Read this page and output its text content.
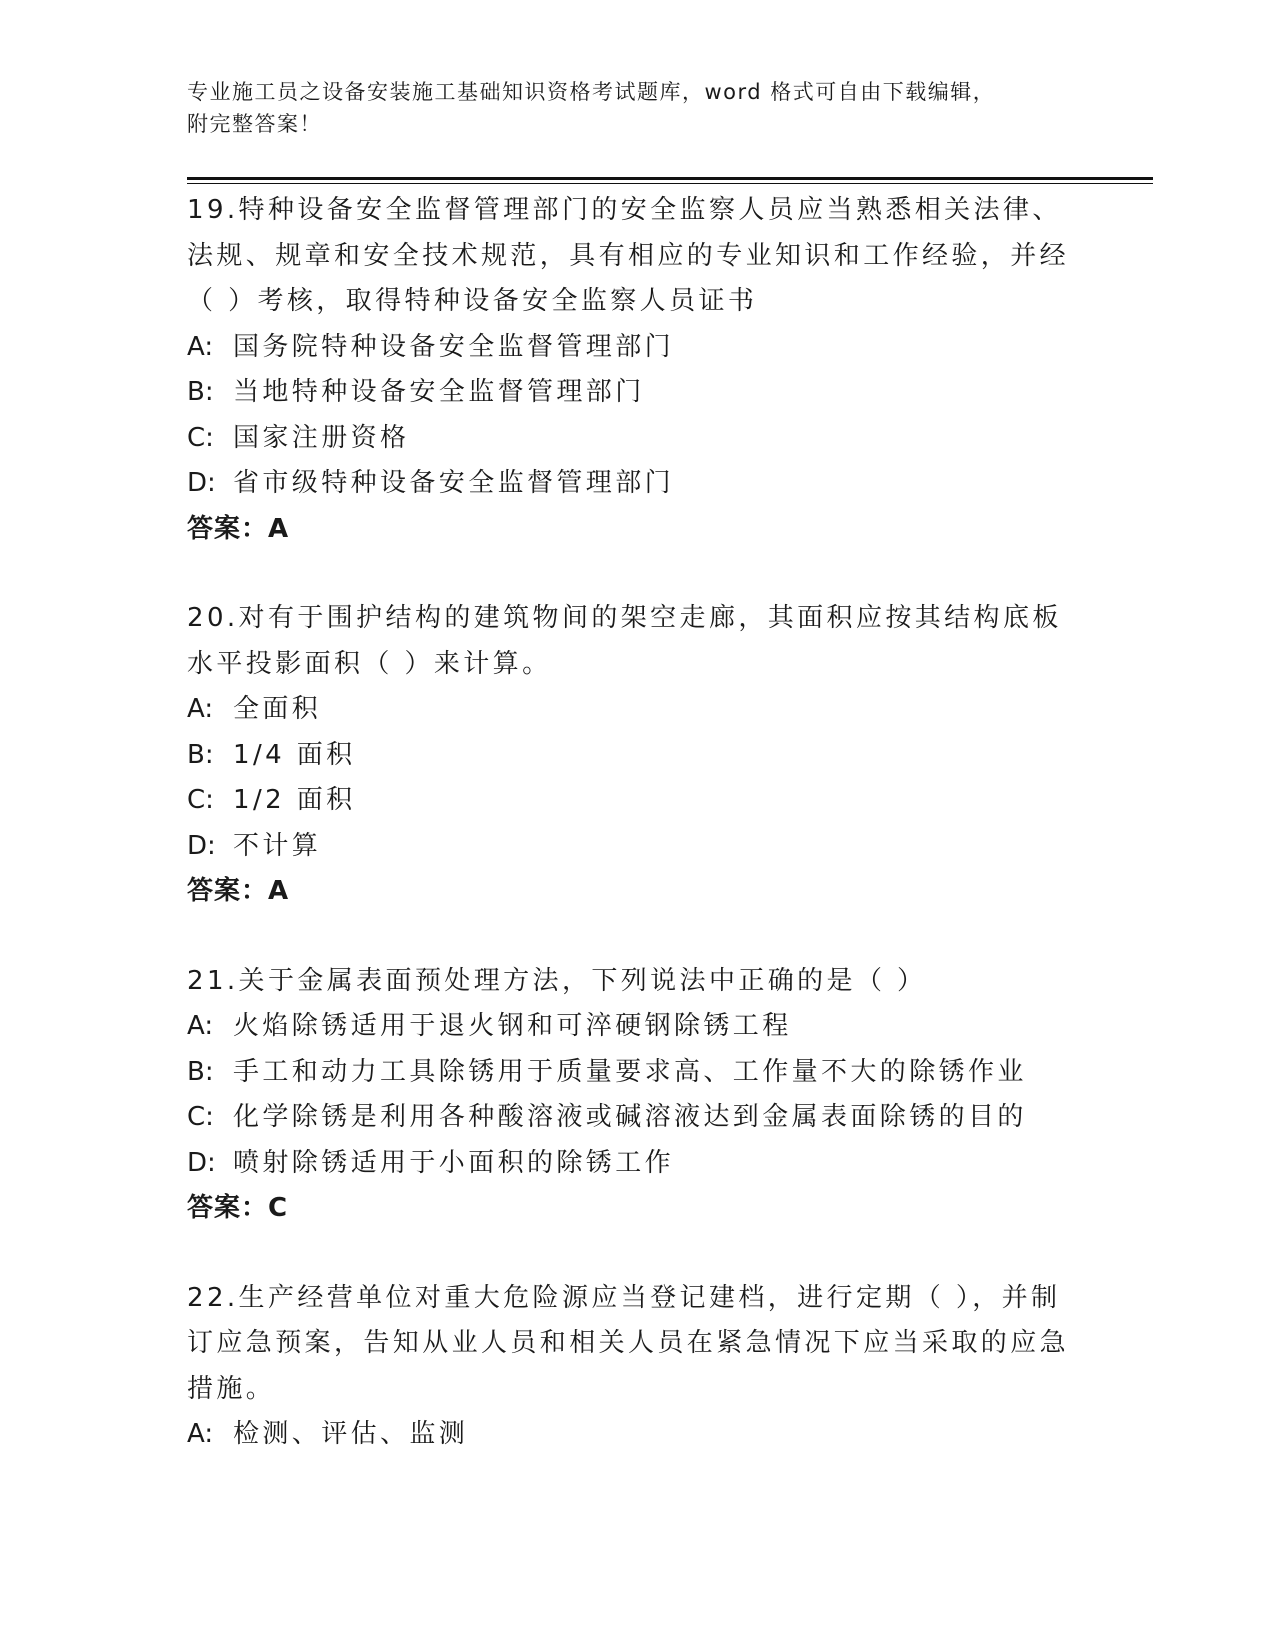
专业施工员之设备安装施工基础知识资格考试题库，word 格式可自由下载编辑，
附完整答案！

19.特种设备安全监督管理部门的安全监察人员应当熟悉相关法律、法规、规章和安全技术规范，具有相应的专业知识和工作经验，并经（ ）考核，取得特种设备安全监察人员证书

A: 国务院特种设备安全监督管理部门

B: 当地特种设备安全监督管理部门

C: 国家注册资格

D: 省市级特种设备安全监督管理部门

答案：A

20.对有于围护结构的建筑物间的架空走廊，其面积应按其结构底板水平投影面积（ ）来计算。

A: 全面积

B: 1/4 面积

C: 1/2 面积

D: 不计算

答案：A

21.关于金属表面预处理方法，下列说法中正确的是（ ）

A: 火焰除锈适用于退火钢和可淬硬钢除锈工程

B: 手工和动力工具除锈用于质量要求高、工作量不大的除锈作业

C: 化学除锈是利用各种酸溶液或碱溶液达到金属表面除锈的目的

D: 喷射除锈适用于小面积的除锈工作

答案：C

22.生产经营单位对重大危险源应当登记建档，进行定期（ ），并制订应急预案，告知从业人员和相关人员在紧急情况下应当采取的应急措施。

A: 检测、评估、监测
